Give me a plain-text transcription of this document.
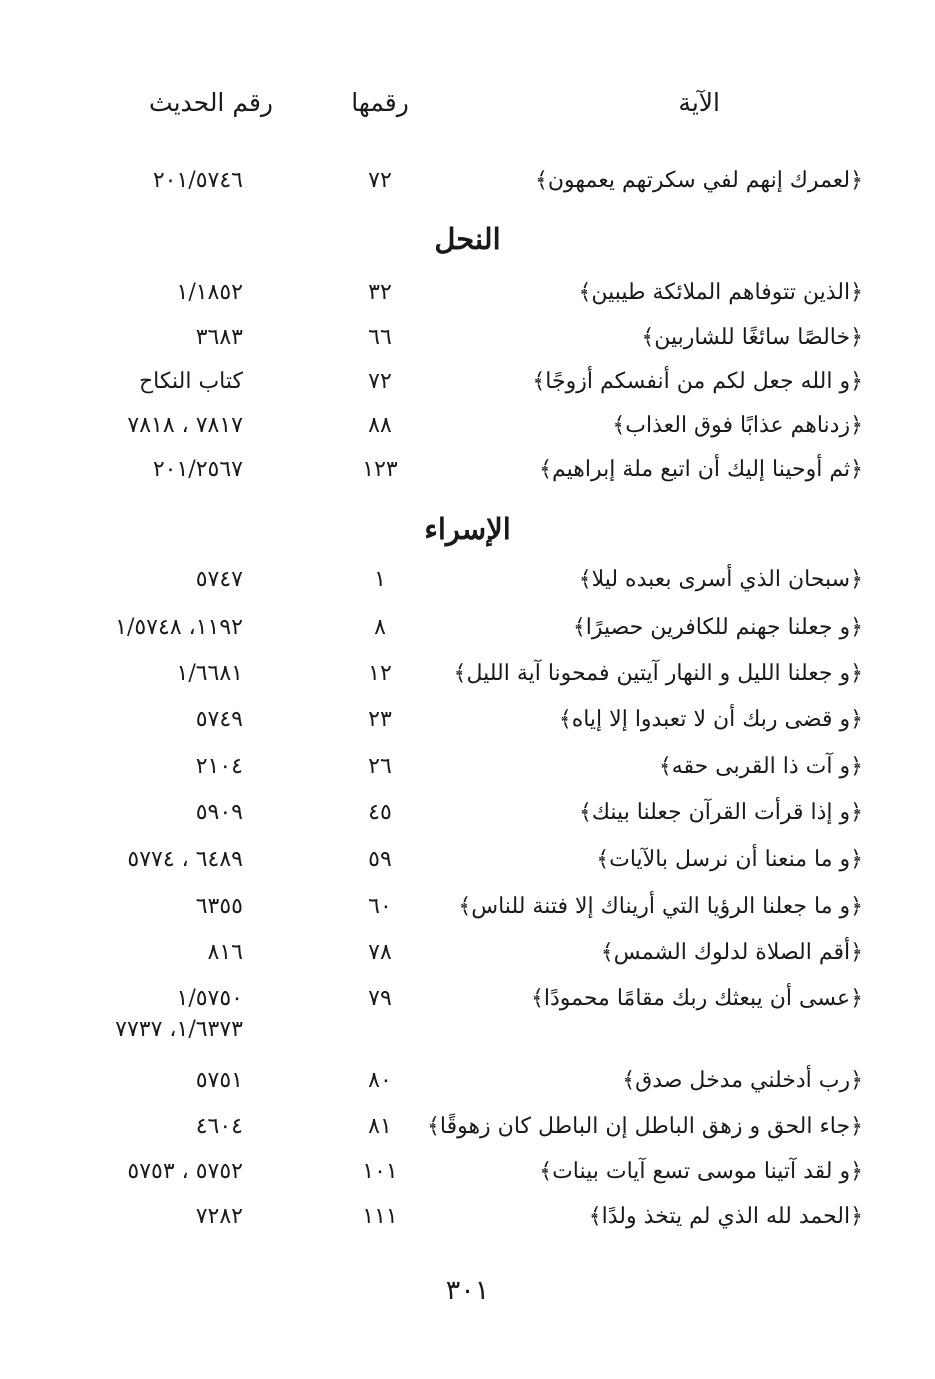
الآية
رقمها
رقم الحديث
﴿لعمرك إنهم لفي سكرتهم يعمهون﴾
٧٢
٢٠١/٥٧٤٦
النحل
﴿الذين تتوفاهم الملائكة طيبين﴾
٣٢
١/١٨٥٢
﴿خالصًا سائغًا للشاربين﴾
٦٦
٣٦٨٣
﴿و الله جعل لكم من أنفسكم أزوجًا﴾
٧٢
كتاب النكاح
﴿زدناهم عذابًا فوق العذاب﴾
٨٨
٧٨١٧ ، ٧٨١٨
﴿ثم أوحينا إليك أن اتبع ملة إبراهيم﴾
١٢٣
٢٠١/٢٥٦٧
الإسراء
﴿سبحان الذي أسرى بعبده ليلا﴾
١
٥٧٤٧
﴿و جعلنا جهنم للكافرين حصيرًا﴾
٨
١١٩٢، ١/٥٧٤٨
﴿و جعلنا الليل و النهار آيتين فمحونا آية الليل﴾
١٢
١/٦٦٨١
﴿و قضى ربك أن لا تعبدوا إلا إياه﴾
٢٣
٥٧٤٩
﴿و آت ذا القربى حقه﴾
٢٦
٢١٠٤
﴿و إذا قرأت القرآن جعلنا بينك﴾
٤٥
٥٩٠٩
﴿و ما منعنا أن نرسل بالآيات﴾
٥٩
٦٤٨٩ ، ٥٧٧٤
﴿و ما جعلنا الرؤيا التي أريناك إلا فتنة للناس﴾
٦٠
٦٣٥٥
﴿أقم الصلاة لدلوك الشمس﴾
٧٨
٨١٦
﴿عسى أن يبعثك ربك مقامًا محمودًا﴾
٧٩
١/٥٧٥٠
١/٦٣٧٣، ٧٧٣٧
﴿رب أدخلني مدخل صدق﴾
٨٠
٥٧٥١
﴿جاء الحق و زهق الباطل إن الباطل كان زهوقًا﴾
٨١
٤٦٠٤
﴿و لقد آتينا موسى تسع آيات بينات﴾
١٠١
٥٧٥٢ ، ٥٧٥٣
﴿الحمد لله الذي لم يتخذ ولدًا﴾
١١١
٧٢٨٢
٣٠١
